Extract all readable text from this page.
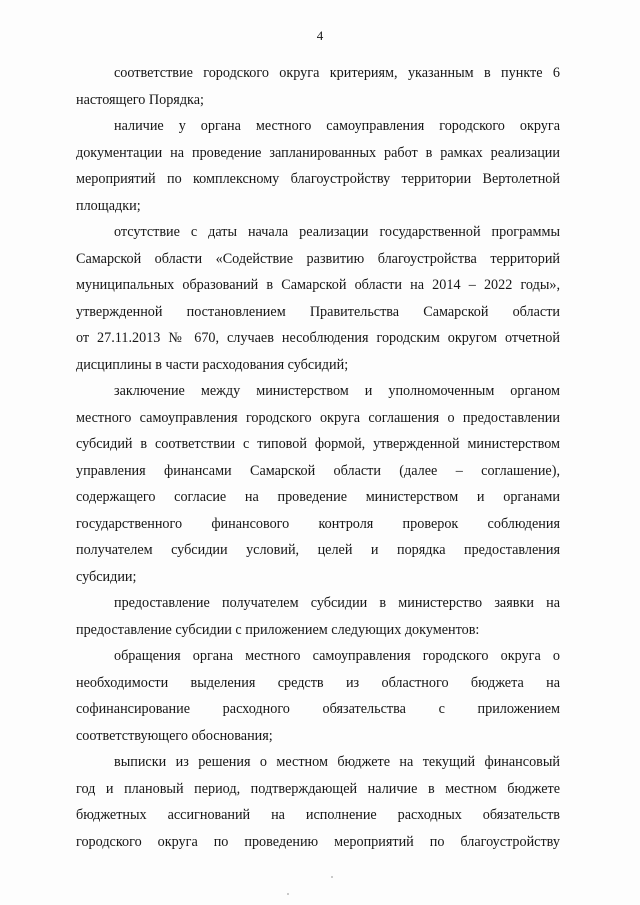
4
соответствие городского округа критериям, указанным в пункте 6
настоящего Порядка;
наличие у органа местного самоуправления городского округа
документации на проведение запланированных работ в рамках реализации
мероприятий по комплексному благоустройству территории Вертолетной
площадки;
отсутствие с даты начала реализации государственной программы
Самарской области «Содействие развитию благоустройства территорий
муниципальных образований в Самарской области на 2014 – 2022 годы»,
утвержденной постановлением Правительства Самарской области
от 27.11.2013 № 670, случаев несоблюдения городским округом отчетной
дисциплины в части расходования субсидий;
заключение между министерством и уполномоченным органом
местного самоуправления городского округа соглашения о предоставлении
субсидий в соответствии с типовой формой, утвержденной министерством
управления финансами Самарской области (далее – соглашение),
содержащего согласие на проведение министерством и органами
государственного финансового контроля проверок соблюдения
получателем субсидии условий, целей и порядка предоставления
субсидии;
предоставление получателем субсидии в министерство заявки на
предоставление субсидии с приложением следующих документов:
обращения органа местного самоуправления городского округа о
необходимости выделения средств из областного бюджета на
софинансирование расходного обязательства с приложением
соответствующего обоснования;
выписки из решения о местном бюджете на текущий финансовый
год и плановый период, подтверждающей наличие в местном бюджете
бюджетных ассигнований на исполнение расходных обязательств
городского округа по проведению мероприятий по благоустройству
